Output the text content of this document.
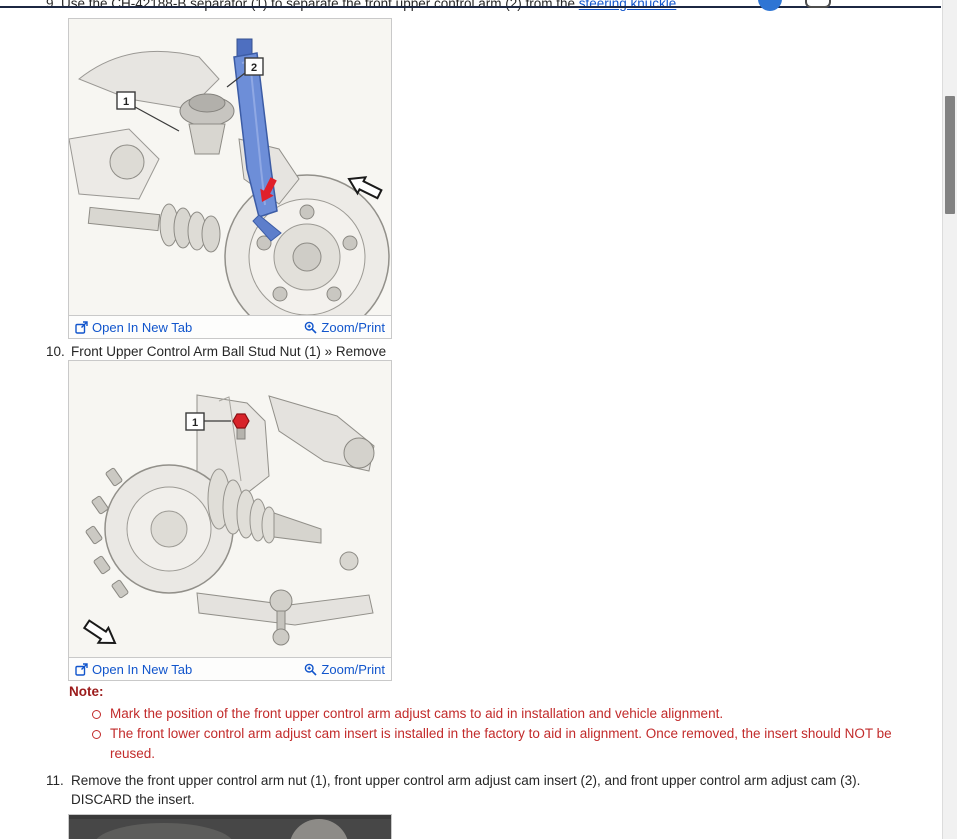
1
2
Open In New Tab	Zoom/Print
10. Front Upper Control Arm Ball Stud Nut (1) » Remove
1
Open In New Tab	Zoom/Print
Note:
Mark the position of the front upper control arm adjust cams to aid in installation and vehicle alignment.
The front lower control arm adjust cam insert is installed in the factory to aid in alignment. Once removed, the insert should NOT be reused.
11. Remove the front upper control arm nut (1), front upper control arm adjust cam insert (2), and front upper control arm adjust cam (3). DISCARD the insert.
